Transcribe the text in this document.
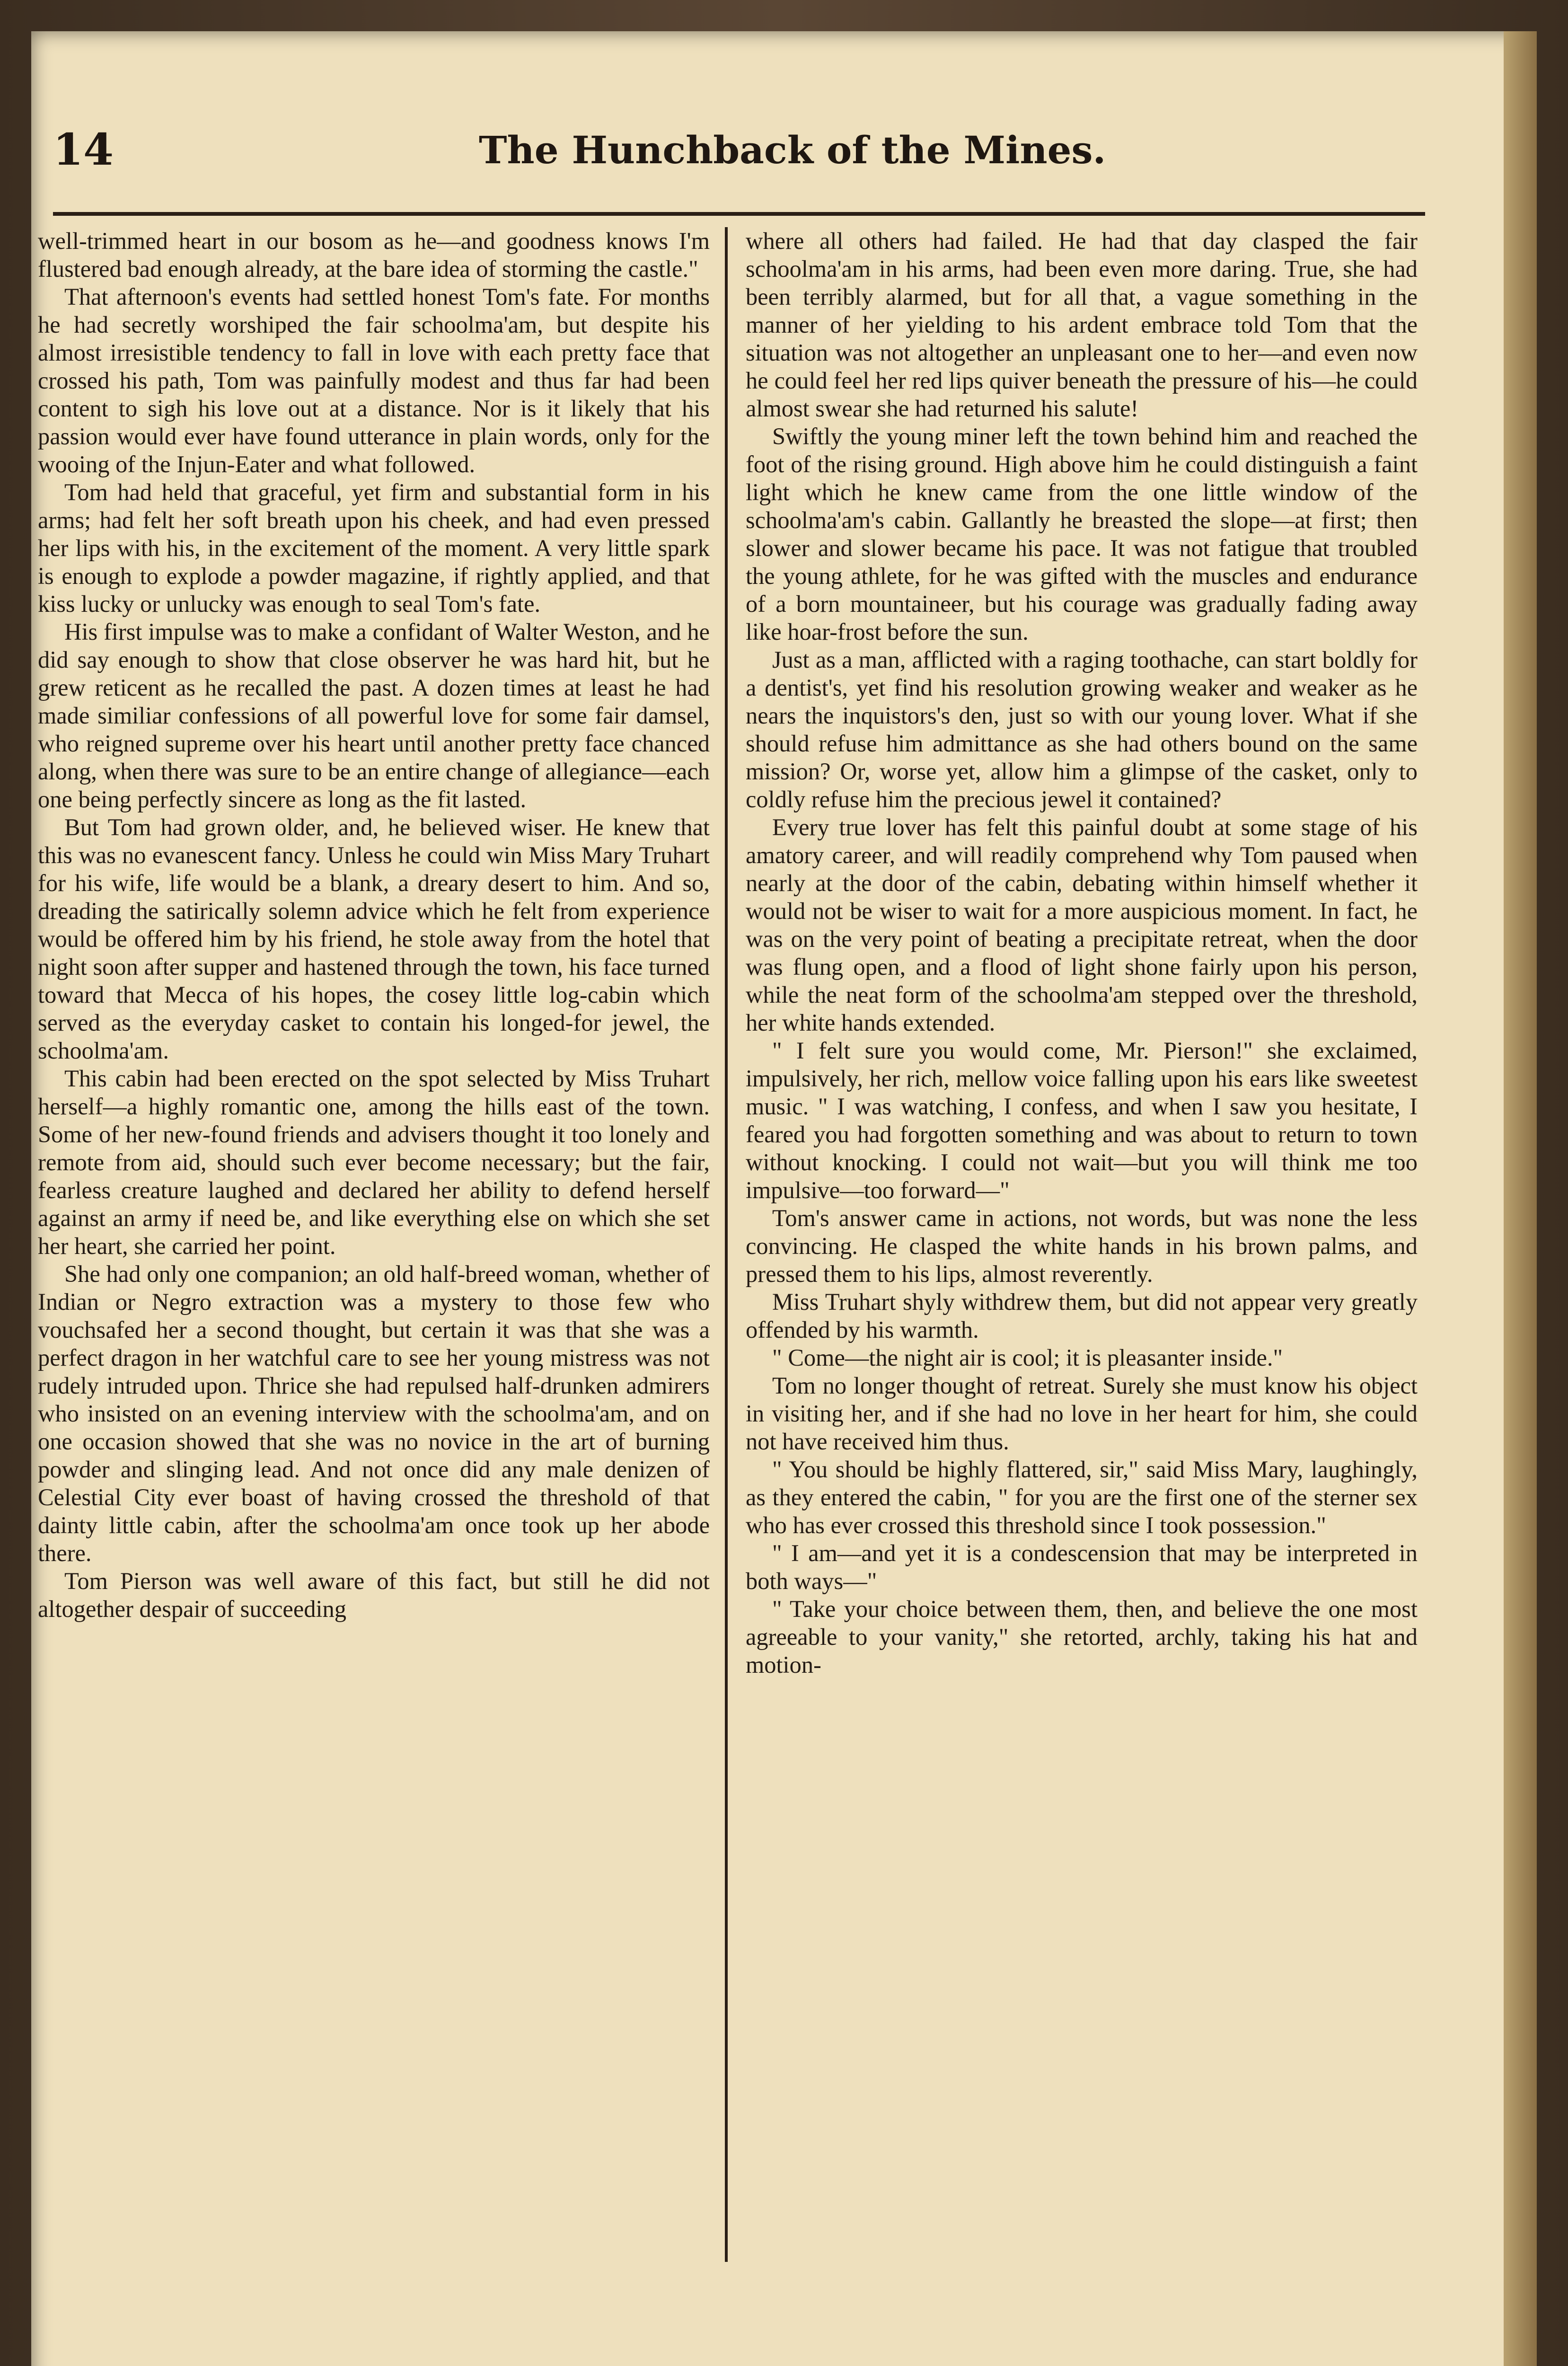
14	The Hunchback of the Mines.

well-trimmed heart in our bosom as he—and goodness knows I'm flustered bad enough already, at the bare idea of storming the castle."

That afternoon's events had settled honest Tom's fate. For months he had secretly worshiped the fair schoolma'am, but despite his almost irresistible tendency to fall in love with each pretty face that crossed his path, Tom was painfully modest and thus far had been content to sigh his love out at a distance. Nor is it likely that his passion would ever have found utterance in plain words, only for the wooing of the Injun-Eater and what followed.

Tom had held that graceful, yet firm and substantial form in his arms; had felt her soft breath upon his cheek, and had even pressed her lips with his, in the excitement of the moment. A very little spark is enough to explode a powder magazine, if rightly applied, and that kiss lucky or unlucky was enough to seal Tom's fate.

His first impulse was to make a confidant of Walter Weston, and he did say enough to show that close observer he was hard hit, but he grew reticent as he recalled the past. A dozen times at least he had made similiar confessions of all powerful love for some fair damsel, who reigned supreme over his heart until another pretty face chanced along, when there was sure to be an entire change of allegiance—each one being perfectly sincere as long as the fit lasted.

But Tom had grown older, and, he believed wiser. He knew that this was no evanescent fancy. Unless he could win Miss Mary Truhart for his wife, life would be a blank, a dreary desert to him. And so, dreading the satirically solemn advice which he felt from experience would be offered him by his friend, he stole away from the hotel that night soon after supper and hastened through the town, his face turned toward that Mecca of his hopes, the cosey little log-cabin which served as the everyday casket to contain his longed-for jewel, the schoolma'am.

This cabin had been erected on the spot selected by Miss Truhart herself—a highly romantic one, among the hills east of the town. Some of her new-found friends and advisers thought it too lonely and remote from aid, should such ever become necessary; but the fair, fearless creature laughed and declared her ability to defend herself against an army if need be, and like everything else on which she set her heart, she carried her point.

She had only one companion; an old half-breed woman, whether of Indian or Negro extraction was a mystery to those few who vouchsafed her a second thought, but certain it was that she was a perfect dragon in her watchful care to see her young mistress was not rudely intruded upon. Thrice she had repulsed half-drunken admirers who insisted on an evening interview with the schoolma'am, and on one occasion showed that she was no novice in the art of burning powder and slinging lead. And not once did any male denizen of Celestial City ever boast of having crossed the threshold of that dainty little cabin, after the schoolma'am once took up her abode there.

Tom Pierson was well aware of this fact, but still he did not altogether despair of succeeding

where all others had failed. He had that day clasped the fair schoolma'am in his arms, had been even more daring. True, she had been terribly alarmed, but for all that, a vague something in the manner of her yielding to his ardent embrace told Tom that the situation was not altogether an unpleasant one to her—and even now he could feel her red lips quiver beneath the pressure of his—he could almost swear she had returned his salute!

Swiftly the young miner left the town behind him and reached the foot of the rising ground. High above him he could distinguish a faint light which he knew came from the one little window of the schoolma'am's cabin. Gallantly he breasted the slope—at first; then slower and slower became his pace. It was not fatigue that troubled the young athlete, for he was gifted with the muscles and endurance of a born mountaineer, but his courage was gradually fading away like hoar-frost before the sun.

Just as a man, afflicted with a raging toothache, can start boldly for a dentist's, yet find his resolution growing weaker and weaker as he nears the inquistors's den, just so with our young lover. What if she should refuse him admittance as she had others bound on the same mission? Or, worse yet, allow him a glimpse of the casket, only to coldly refuse him the precious jewel it contained?

Every true lover has felt this painful doubt at some stage of his amatory career, and will readily comprehend why Tom paused when nearly at the door of the cabin, debating within himself whether it would not be wiser to wait for a more auspicious moment. In fact, he was on the very point of beating a precipitate retreat, when the door was flung open, and a flood of light shone fairly upon his person, while the neat form of the schoolma'am stepped over the threshold, her white hands extended.

" I felt sure you would come, Mr. Pierson!" she exclaimed, impulsively, her rich, mellow voice falling upon his ears like sweetest music. " I was watching, I confess, and when I saw you hesitate, I feared you had forgotten something and was about to return to town without knocking. I could not wait—but you will think me too impulsive—too forward—"

Tom's answer came in actions, not words, but was none the less convincing. He clasped the white hands in his brown palms, and pressed them to his lips, almost reverently.

Miss Truhart shyly withdrew them, but did not appear very greatly offended by his warmth.

" Come—the night air is cool; it is pleasanter inside."

Tom no longer thought of retreat. Surely she must know his object in visiting her, and if she had no love in her heart for him, she could not have received him thus.

" You should be highly flattered, sir," said Miss Mary, laughingly, as they entered the cabin, " for you are the first one of the sterner sex who has ever crossed this threshold since I took possession."

" I am—and yet it is a condescension that may be interpreted in both ways—"

" Take your choice between them, then, and believe the one most agreeable to your vanity," she retorted, archly, taking his hat and motion-
